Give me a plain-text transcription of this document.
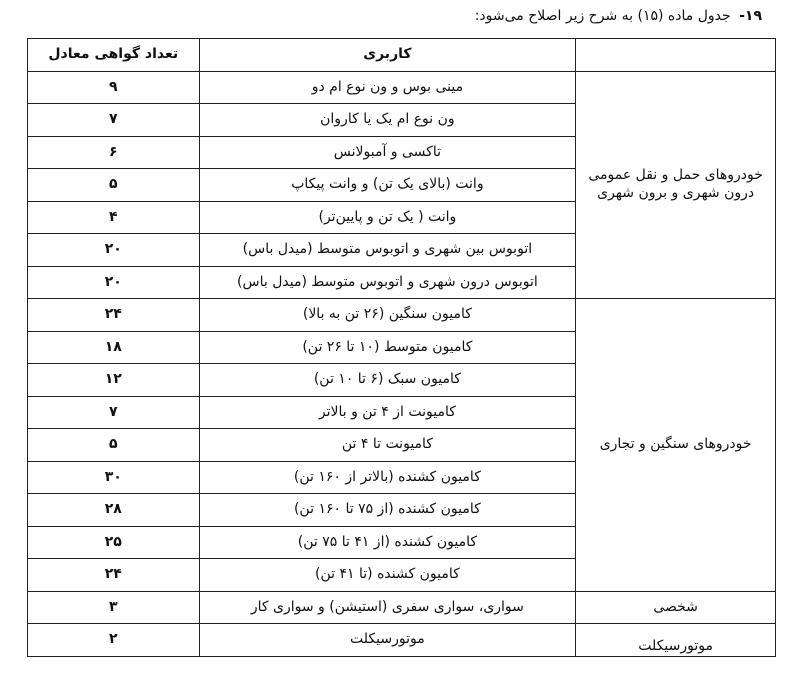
۱۹- جدول ماده (۱۵) به شرح زیر اصلاح می‌شود:
	کاربری	تعداد گواهی معادل
خودروهای حمل و نقل عمومی درون شهری و برون شهری	مینی بوس و ون نوع ام دو	۹
	ون نوع ام یک یا کاروان	۷
	تاکسی و آمبولانس	۶
	وانت (بالای یک تن) و وانت پیکاپ	۵
	وانت ( یک تن و پایین‌تر)	۴
	اتوبوس بین شهری و اتوبوس متوسط (میدل باس)	۲۰
	اتوبوس درون شهری و اتوبوس متوسط (میدل باس)	۲۰
خودروهای سنگین و تجاری	کامیون سنگین (۲۶ تن به بالا)	۲۴
	کامیون متوسط (۱۰ تا ۲۶ تن)	۱۸
	کامیون سبک (۶ تا ۱۰ تن)	۱۲
	کامیونت از ۴ تن و بالاتر	۷
	کامیونت تا ۴ تن	۵
	کامیون کشنده (بالاتر از ۱۶۰ تن)	۳۰
	کامیون کشنده (از ۷۵ تا ۱۶۰ تن)	۲۸
	کامیون کشنده (از ۴۱ تا ۷۵ تن)	۲۵
	کامیون کشنده (تا ۴۱ تن)	۲۴
شخصی	سواری، سواری سفری (استیشن) و سواری کار	۳
موتورسیکلت	موتورسیکلت	۲
